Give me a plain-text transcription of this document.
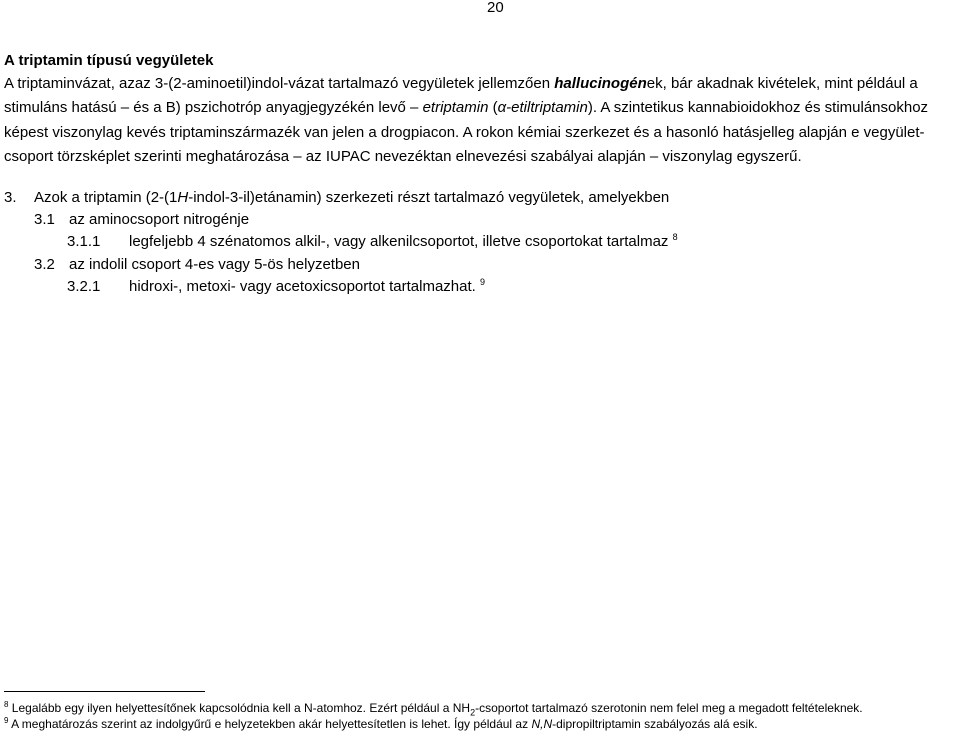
20
A triptamin típusú vegyületek
A triptaminvázat, azaz 3-(2-aminoetil)indol-vázat tartalmazó vegyületek jellemzően hallucinogének, bár akadnak kivételek, mint például a
stimuláns hatású – és a B) pszichotróp anyagjegyzékén levő – etriptamin (α-etiltriptamin). A szintetikus kannabioidokhoz és stimulánsokhoz
képest viszonylag kevés triptaminszármazék van jelen a drogpiacon. A rokon kémiai szerkezet és a hasonló hatásjelleg alapján e vegyület-
csoport törzsképlet szerinti meghatározása – az IUPAC nevezéktan elnevezési szabályai alapján – viszonylag egyszerű.
3. Azok a triptamin (2-(1H-indol-3-il)etánamin) szerkezeti részt tartalmazó vegyületek, amelyekben
3.1 az aminocsoport nitrogénje
3.1.1 legfeljebb 4 szénatomos alkil-, vagy alkenilcsoportot, illetve csoportokat tartalmaz $^8$
3.2 az indolil csoport 4-es vagy 5-ös helyzetben
3.2.1 hidroxi-, metoxi- vagy acetoxicsoportot tartalmazhat. $^9$
$^8$ Legalább egy ilyen helyettesítőnek kapcsolódnia kell a N-atomhoz. Ezért például a $NH_2$-csoportot tartalmazó szerotonin nem felel meg a megadott feltételeknek.
$^9$ A meghatározás szerint az indolgyűrű e helyzetekben akár helyettesítetlen is lehet. Így például az N,N-dipropiltriptamin szabályozás alá esik.
